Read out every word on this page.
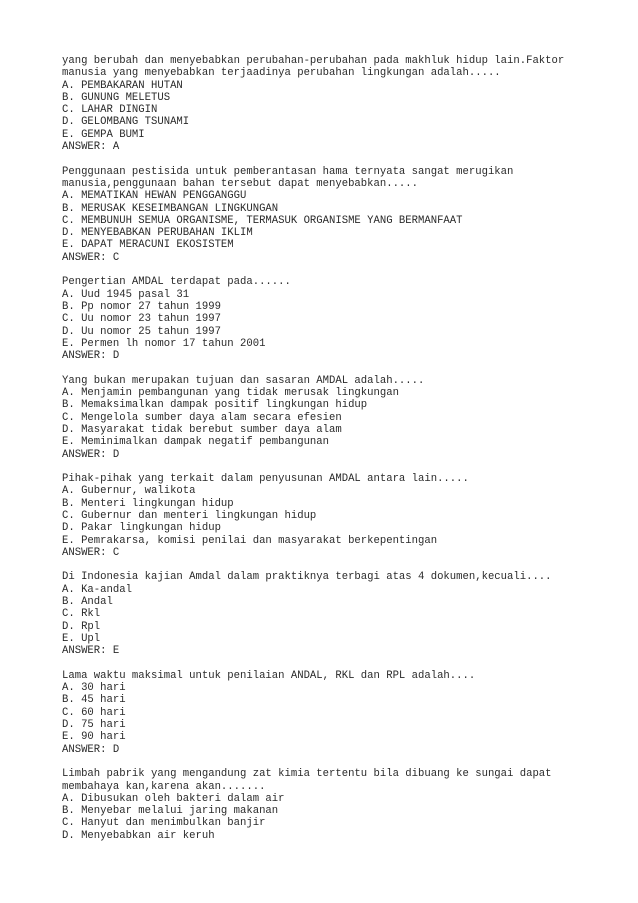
yang berubah dan menyebabkan perubahan-perubahan pada makhluk hidup lain.Faktor
manusia yang menyebabkan terjaadinya perubahan lingkungan adalah.....
A. PEMBAKARAN HUTAN
B. GUNUNG MELETUS
C. LAHAR DINGIN
D. GELOMBANG TSUNAMI
E. GEMPA BUMI
ANSWER: A
Penggunaan pestisida untuk pemberantasan hama ternyata sangat merugikan
manusia,penggunaan bahan tersebut dapat menyebabkan.....
A. MEMATIKAN HEWAN PENGGANGGU
B. MERUSAK KESEIMBANGAN LINGKUNGAN
C. MEMBUNUH SEMUA ORGANISME, TERMASUK ORGANISME YANG BERMANFAAT
D. MENYEBABKAN PERUBAHAN IKLIM
E. DAPAT MERACUNI EKOSISTEM
ANSWER: C
Pengertian AMDAL terdapat pada......
A. Uud 1945 pasal 31
B. Pp nomor 27 tahun 1999
C. Uu nomor 23 tahun 1997
D. Uu nomor 25 tahun 1997
E. Permen lh nomor 17 tahun 2001
ANSWER: D
Yang bukan merupakan tujuan dan sasaran AMDAL adalah.....
A. Menjamin pembangunan yang tidak merusak lingkungan
B. Memaksimalkan dampak positif lingkungan hidup
C. Mengelola sumber daya alam secara efesien
D. Masyarakat tidak berebut sumber daya alam
E. Meminimalkan dampak negatif pembangunan
ANSWER: D
Pihak-pihak yang terkait dalam penyusunan AMDAL antara lain.....
A. Gubernur, walikota
B. Menteri lingkungan hidup
C. Gubernur dan menteri lingkungan hidup
D. Pakar lingkungan hidup
E. Pemrakarsa, komisi penilai dan masyarakat berkepentingan
ANSWER: C
Di Indonesia kajian Amdal dalam praktiknya terbagi atas 4 dokumen,kecuali....
A. Ka-andal
B. Andal
C. Rkl
D. Rpl
E. Upl
ANSWER: E
Lama waktu maksimal untuk penilaian ANDAL, RKL dan RPL adalah....
A. 30 hari
B. 45 hari
C. 60 hari
D. 75 hari
E. 90 hari
ANSWER: D
Limbah pabrik yang mengandung zat kimia tertentu bila dibuang ke sungai dapat
membahaya kan,karena akan.......
A. Dibusukan oleh bakteri dalam air
B. Menyebar melalui jaring makanan
C. Hanyut dan menimbulkan banjir
D. Menyebabkan air keruh
